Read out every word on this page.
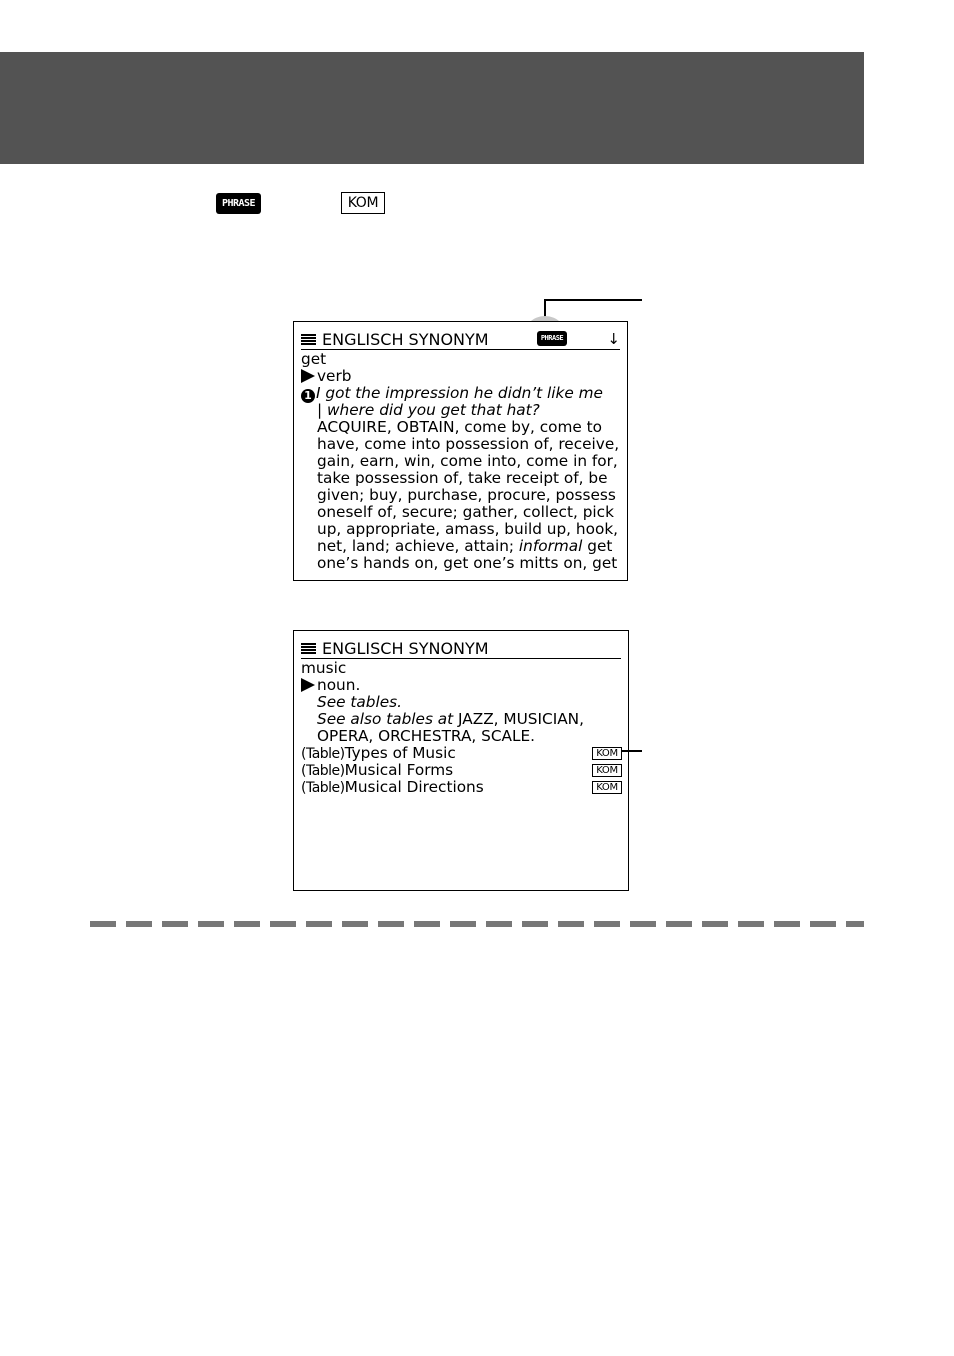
PHRASE	KOM
ENGLISCH SYNONYM	PHRASE	↓
get
verb
1 I got the impression he didn’t like me
| where did you get that hat?
ACQUIRE, OBTAIN, come by, come to
have, come into possession of, receive,
gain, earn, win, come into, come in for,
take possession of, take receipt of, be
given; buy, purchase, procure, possess
oneself of, secure; gather, collect, pick
up, appropriate, amass, build up, hook,
net, land; achieve, attain; informal get
one’s hands on, get one’s mitts on, get
ENGLISCH SYNONYM
music
noun.
See tables.
See also tables at JAZZ, MUSICIAN,
OPERA, ORCHESTRA, SCALE.
(Table)Types of Music	KOM
(Table)Musical Forms	KOM
(Table)Musical Directions	KOM
